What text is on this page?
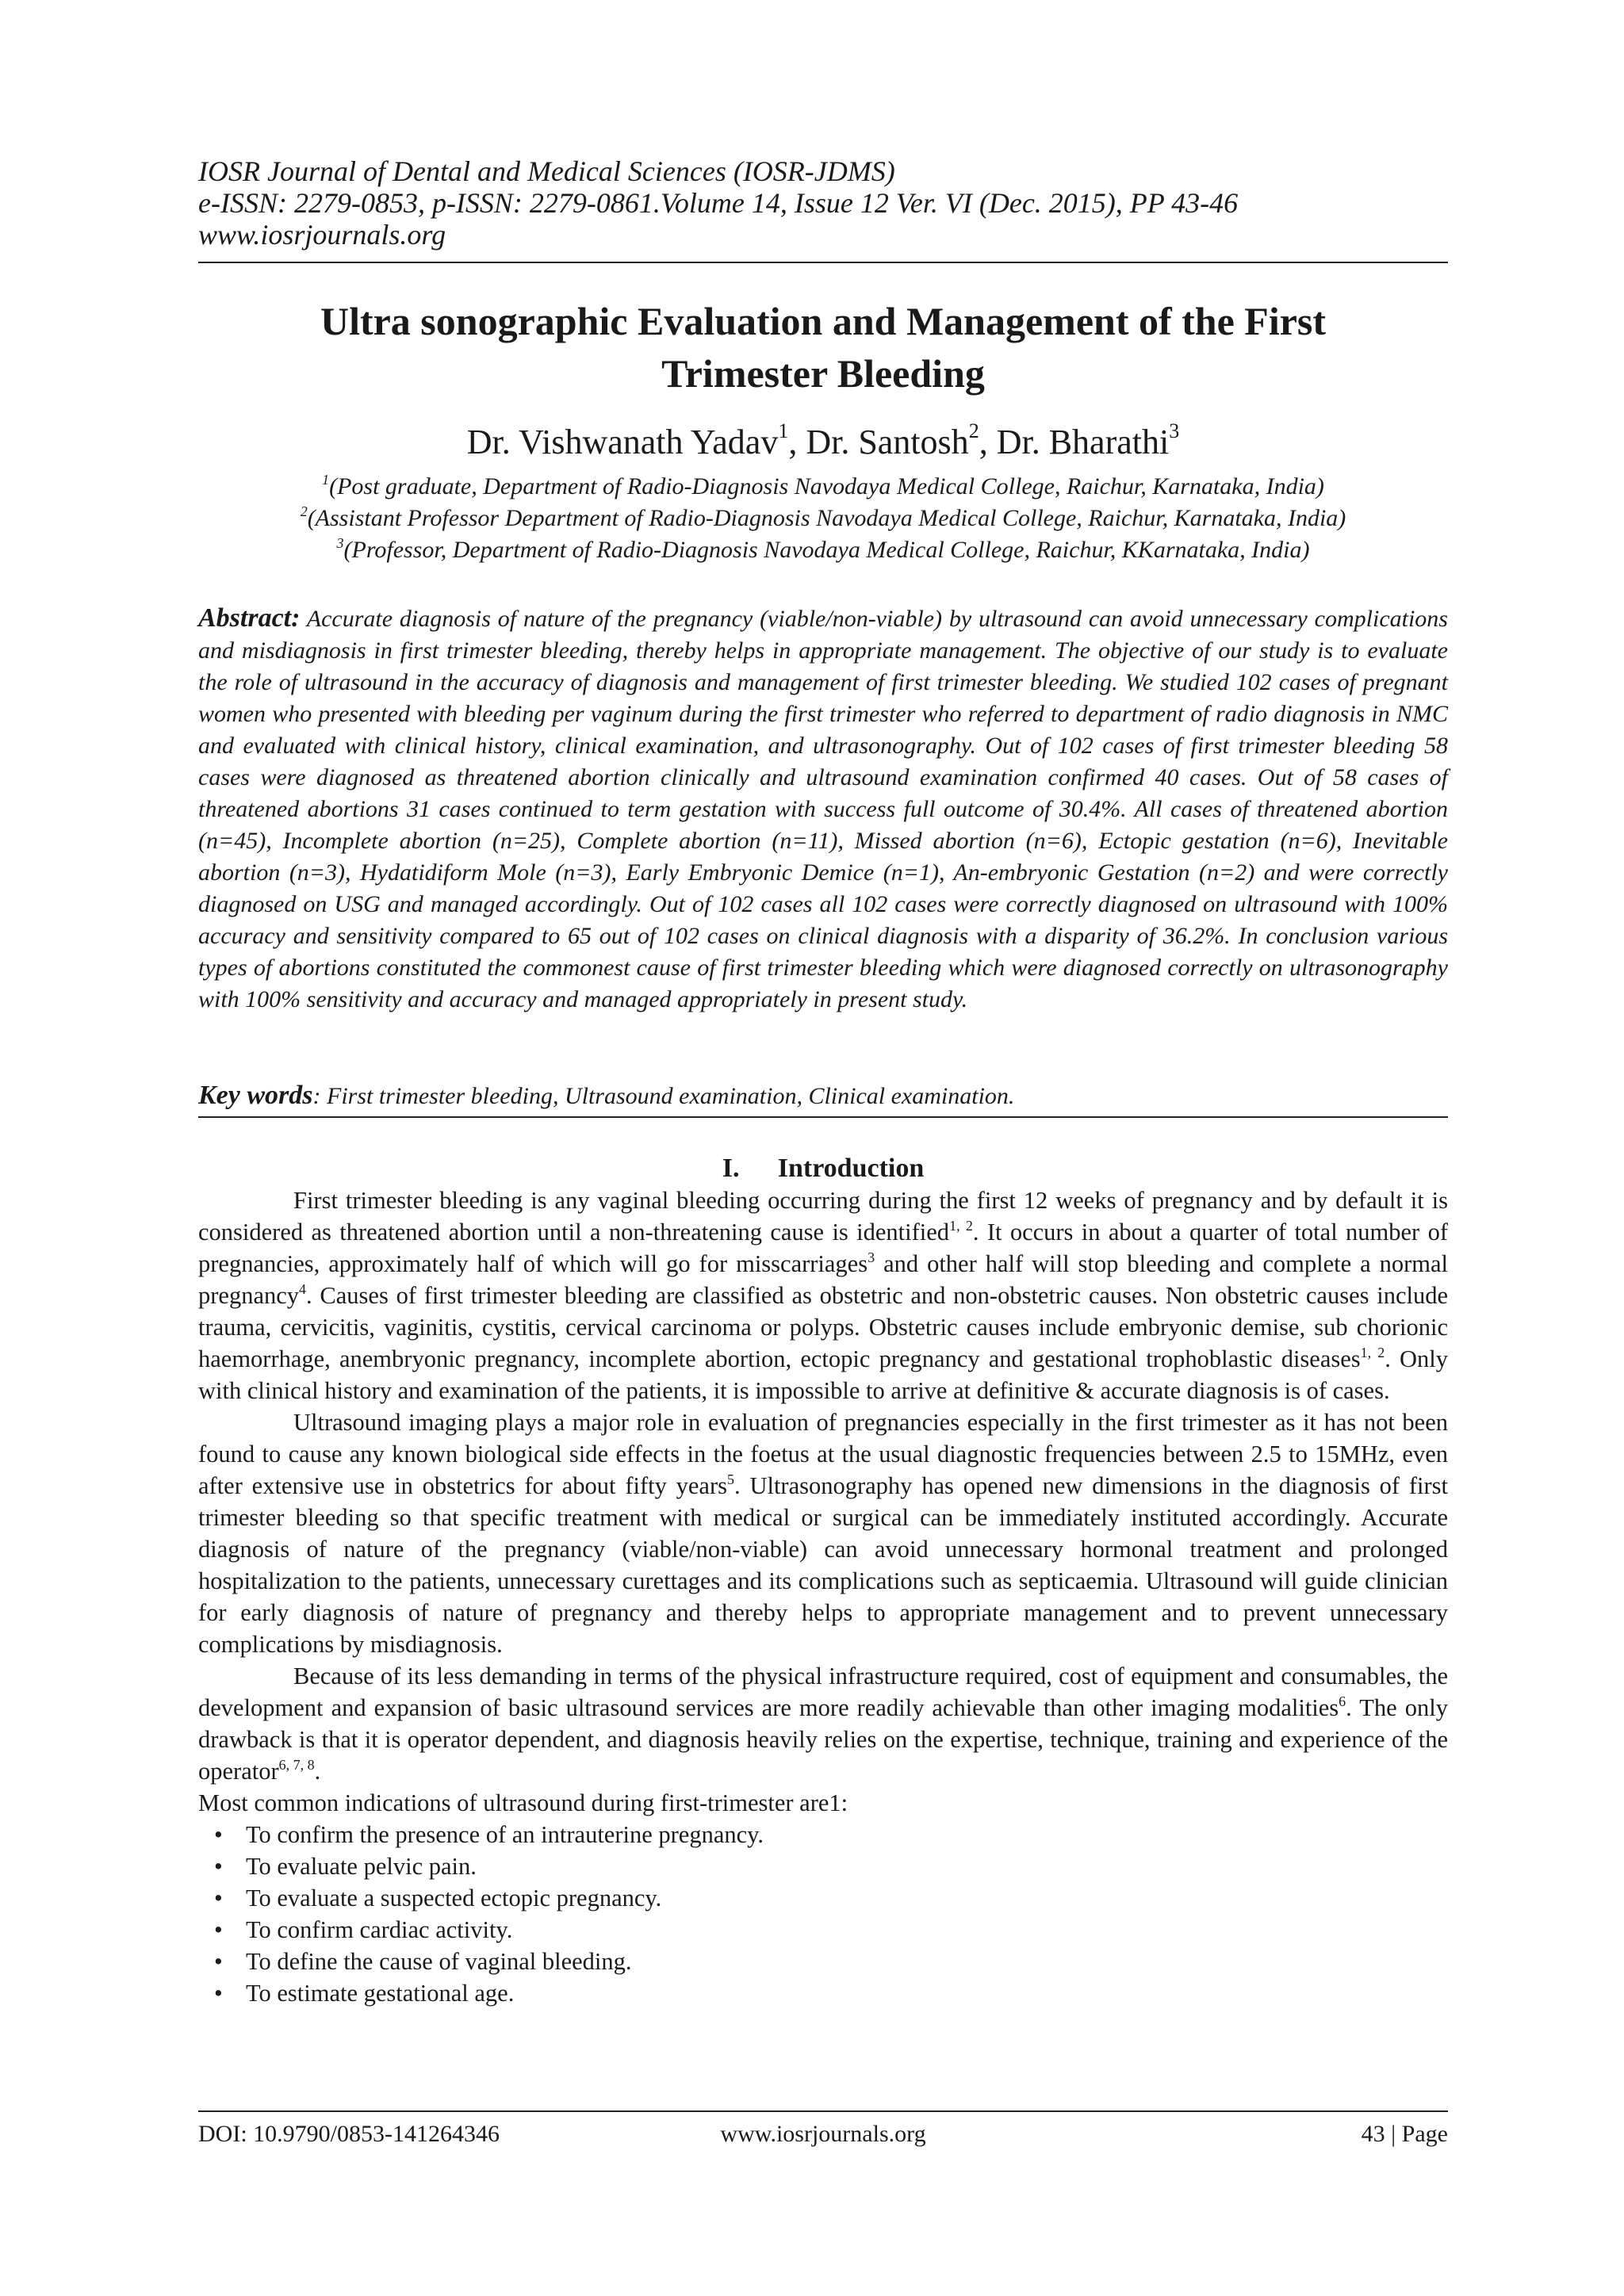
IOSR Journal of Dental and Medical Sciences (IOSR-JDMS)
e-ISSN: 2279-0853, p-ISSN: 2279-0861.Volume 14, Issue 12 Ver. VI (Dec. 2015), PP 43-46
www.iosrjournals.org
Ultra sonographic Evaluation and Management of the First
Trimester Bleeding
Dr. Vishwanath Yadav$^1$, Dr. Santosh$^2$, Dr. Bharathi$^3$
$^1$(Post graduate, Department of Radio-Diagnosis Navodaya Medical College, Raichur, Karnataka, India)
$^2$(Assistant Professor Department of Radio-Diagnosis Navodaya Medical College, Raichur, Karnataka, India)
$^3$(Professor, Department of Radio-Diagnosis Navodaya Medical College, Raichur, KKarnataka, India)
Abstract: Accurate diagnosis of nature of the pregnancy (viable/non-viable) by ultrasound can avoid unnecessary complications and misdiagnosis in first trimester bleeding, thereby helps in appropriate management. The objective of our study is to evaluate the role of ultrasound in the accuracy of diagnosis and management of first trimester bleeding. We studied 102 cases of pregnant women who presented with bleeding per vaginum during the first trimester who referred to department of radio diagnosis in NMC and evaluated with clinical history, clinical examination, and ultrasonography. Out of 102 cases of first trimester bleeding 58 cases were diagnosed as threatened abortion clinically and ultrasound examination confirmed 40 cases. Out of 58 cases of threatened abortions 31 cases continued to term gestation with success full outcome of 30.4%. All cases of threatened abortion (n=45), Incomplete abortion (n=25), Complete abortion (n=11), Missed abortion (n=6), Ectopic gestation (n=6), Inevitable abortion (n=3), Hydatidiform Mole (n=3), Early Embryonic Demice (n=1), An-embryonic Gestation (n=2) and were correctly diagnosed on USG and managed accordingly. Out of 102 cases all 102 cases were correctly diagnosed on ultrasound with 100% accuracy and sensitivity compared to 65 out of 102 cases on clinical diagnosis with a disparity of 36.2%. In conclusion various types of abortions constituted the commonest cause of first trimester bleeding which were diagnosed correctly on ultrasonography with 100% sensitivity and accuracy and managed appropriately in present study.
Key words: First trimester bleeding, Ultrasound examination, Clinical examination.
I. Introduction

First trimester bleeding is any vaginal bleeding occurring during the first 12 weeks of pregnancy and by default it is considered as threatened abortion until a non-threatening cause is identified$^{1, 2}$. It occurs in about a quarter of total number of pregnancies, approximately half of which will go for misscarriages$^3$ and other half will stop bleeding and complete a normal pregnancy$^4$. Causes of first trimester bleeding are classified as obstetric and non-obstetric causes. Non obstetric causes include trauma, cervicitis, vaginitis, cystitis, cervical carcinoma or polyps. Obstetric causes include embryonic demise, sub chorionic haemorrhage, anembryonic pregnancy, incomplete abortion, ectopic pregnancy and gestational trophoblastic diseases$^{1, 2}$. Only with clinical history and examination of the patients, it is impossible to arrive at definitive & accurate diagnosis is of cases.

Ultrasound imaging plays a major role in evaluation of pregnancies especially in the first trimester as it has not been found to cause any known biological side effects in the foetus at the usual diagnostic frequencies between 2.5 to 15MHz, even after extensive use in obstetrics for about fifty years$^5$. Ultrasonography has opened new dimensions in the diagnosis of first trimester bleeding so that specific treatment with medical or surgical can be immediately instituted accordingly. Accurate diagnosis of nature of the pregnancy (viable/non-viable) can avoid unnecessary hormonal treatment and prolonged hospitalization to the patients, unnecessary curettages and its complications such as septicaemia. Ultrasound will guide clinician for early diagnosis of nature of pregnancy and thereby helps to appropriate management and to prevent unnecessary complications by misdiagnosis.

Because of its less demanding in terms of the physical infrastructure required, cost of equipment and consumables, the development and expansion of basic ultrasound services are more readily achievable than other imaging modalities$^6$. The only drawback is that it is operator dependent, and diagnosis heavily relies on the expertise, technique, training and experience of the operator$^{6, 7, 8}$.

Most common indications of ultrasound during first-trimester are1:

• To confirm the presence of an intrauterine pregnancy.
• To evaluate pelvic pain.
• To evaluate a suspected ectopic pregnancy.
• To confirm cardiac activity.
• To define the cause of vaginal bleeding.
• To estimate gestational age.
DOI: 10.9790/0853-141264346	www.iosrjournals.org	43 | Page
